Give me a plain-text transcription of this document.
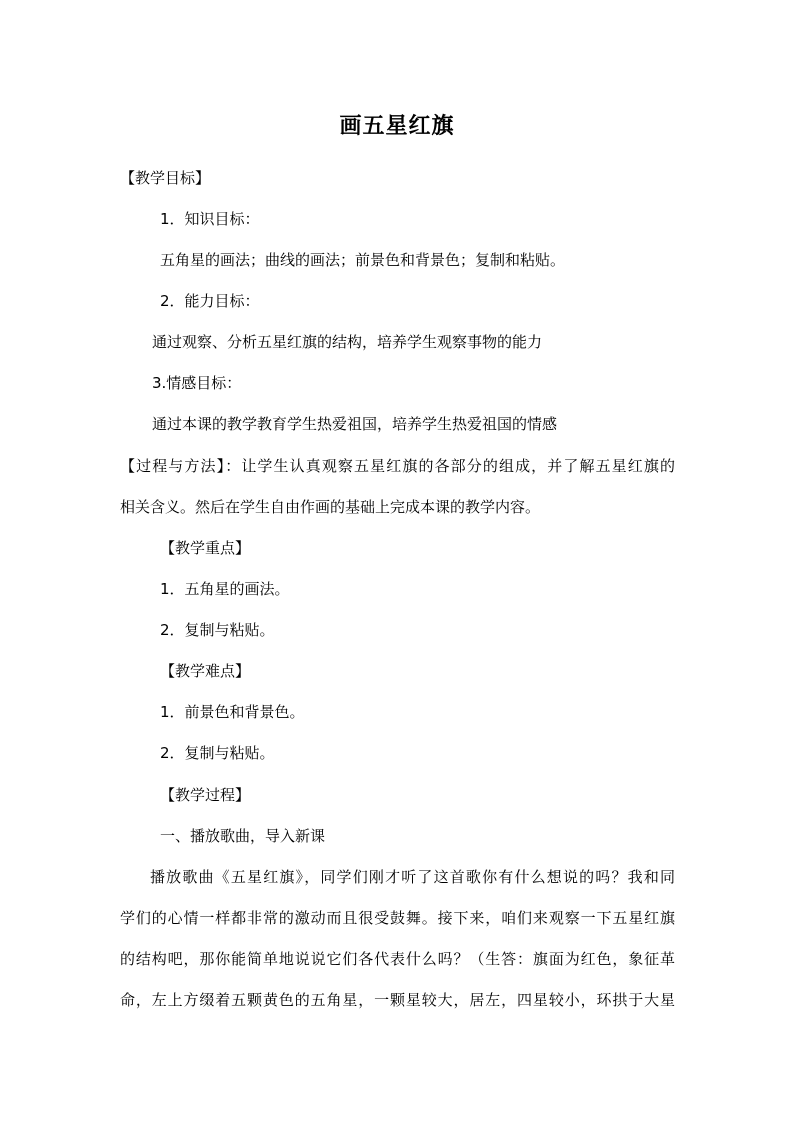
画五星红旗
【教学目标】
1．知识目标：
五角星的画法；曲线的画法；前景色和背景色；复制和粘贴。
2．能力目标：
通过观察、分析五星红旗的结构，培养学生观察事物的能力
3.情感目标：
通过本课的教学教育学生热爱祖国，培养学生热爱祖国的情感
【过程与方法】：让学生认真观察五星红旗的各部分的组成，并了解五星红旗的
相关含义。然后在学生自由作画的基础上完成本课的教学内容。
【教学重点】
1．五角星的画法。
2．复制与粘贴。
【教学难点】
1．前景色和背景色。
2．复制与粘贴。
【教学过程】
一、播放歌曲，导入新课
播放歌曲《五星红旗》，同学们刚才听了这首歌你有什么想说的吗？我和同
学们的心情一样都非常的激动而且很受鼓舞。接下来，咱们来观察一下五星红旗
的结构吧，那你能简单地说说它们各代表什么吗？（生答：旗面为红色，象征革
命，左上方缀着五颗黄色的五角星，一颗星较大，居左，四星较小，环拱于大星
